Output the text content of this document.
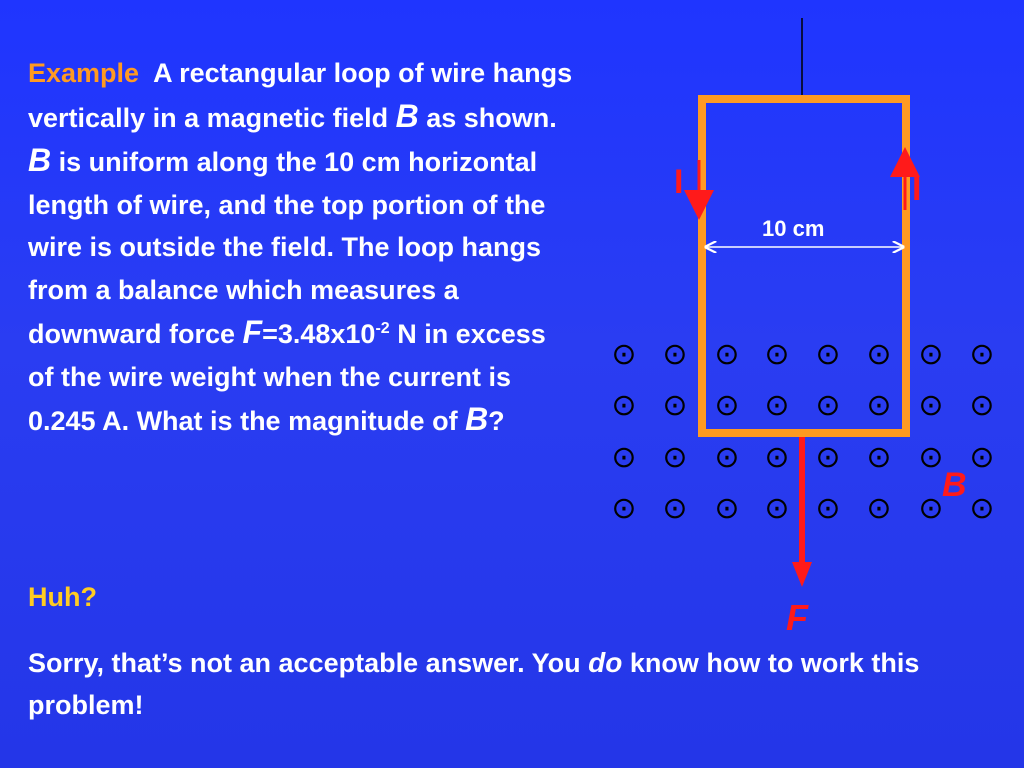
Example A rectangular loop of wire hangs vertically in a magnetic field B as shown. B is uniform along the 10 cm horizontal length of wire, and the top portion of the wire is outside the field. The loop hangs from a balance which measures a downward force $F=3.48x10^{-2}$ N in excess of the wire weight when the current is 0.245 A. What is the magnitude of B?
Huh?
Sorry, that’s not an acceptable answer. You do know how to work this problem!
I	I
10 cm
⊙ ⊙ ⊙ ⊙ ⊙ ⊙ ⊙ ⊙
⊙ ⊙ ⊙ ⊙ ⊙ ⊙ ⊙ ⊙
⊙ ⊙ ⊙ ⊙ ⊙ ⊙ ⊙ ⊙
⊙ ⊙ ⊙ ⊙ ⊙ ⊙ ⊙ ⊙
F
B
